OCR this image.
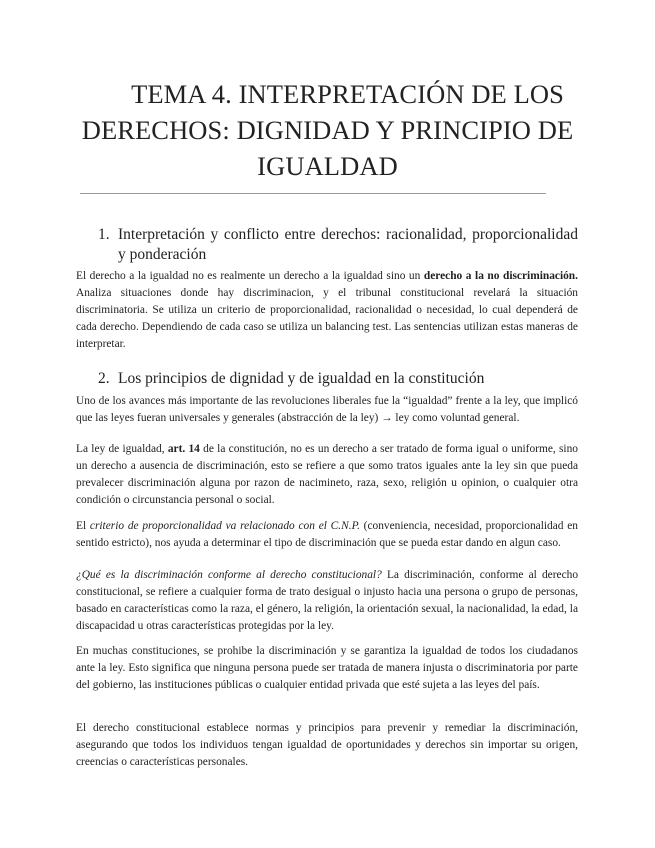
TEMA 4. INTERPRETACIÓN DE LOS
DERECHOS: DIGNIDAD Y PRINCIPIO DE
IGUALDAD
1. Interpretación y conflicto entre derechos: racionalidad, proporcionalidad y ponderación
El derecho a la igualdad no es realmente un derecho a la igualdad sino un derecho a la no discriminación. Analiza situaciones donde hay discriminacion, y el tribunal constitucional revelará la situación discriminatoria. Se utiliza un criterio de proporcionalidad, racionalidad o necesidad, lo cual dependerá de cada derecho. Dependiendo de cada caso se utiliza un balancing test. Las sentencias utilizan estas maneras de interpretar.
2. Los principios de dignidad y de igualdad en la constitución
Uno de los avances más importante de las revoluciones liberales fue la “igualdad” frente a la ley, que implicó que las leyes fueran universales y generales (abstracción de la ley) → ley como voluntad general.
La ley de igualdad, art. 14 de la constitución, no es un derecho a ser tratado de forma igual o uniforme, sino un derecho a ausencia de discriminación, esto se refiere a que somo tratos iguales ante la ley sin que pueda prevalecer discriminación alguna por razon de nacimineto, raza, sexo, religión u opinion, o cualquier otra condición o circunstancia personal o social.
El criterio de proporcionalidad va relacionado con el C.N.P. (conveniencia, necesidad, proporcionalidad en sentido estricto), nos ayuda a determinar el tipo de discriminación que se pueda estar dando en algun caso.
¿Qué es la discriminación conforme al derecho constitucional? La discriminación, conforme al derecho constitucional, se refiere a cualquier forma de trato desigual o injusto hacia una persona o grupo de personas, basado en características como la raza, el género, la religión, la orientación sexual, la nacionalidad, la edad, la discapacidad u otras características protegidas por la ley.
En muchas constituciones, se prohibe la discriminación y se garantiza la igualdad de todos los ciudadanos ante la ley. Esto significa que ninguna persona puede ser tratada de manera injusta o discriminatoria por parte del gobierno, las instituciones públicas o cualquier entidad privada que esté sujeta a las leyes del país.
El derecho constitucional establece normas y principios para prevenir y remediar la discriminación, asegurando que todos los individuos tengan igualdad de oportunidades y derechos sin importar su origen, creencias o características personales.
